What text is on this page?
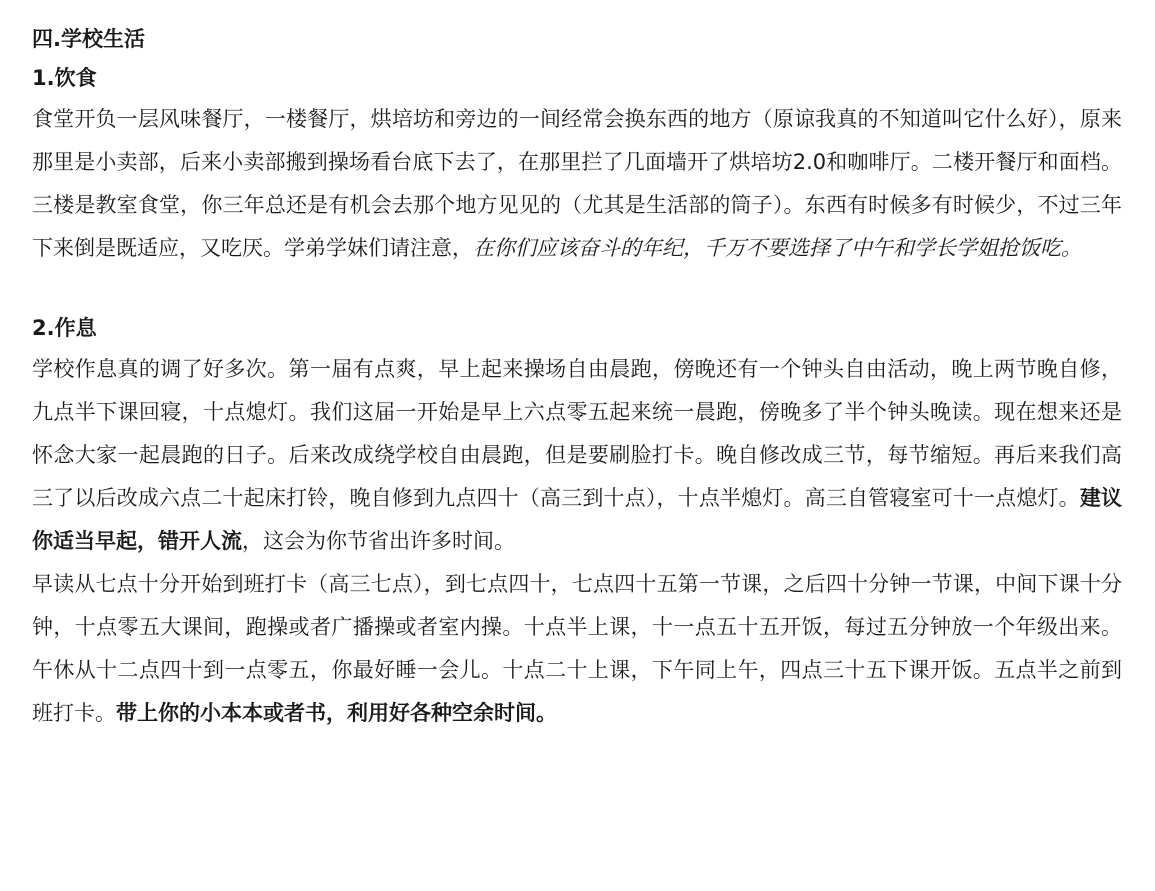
四.学校生活

1.饮食

食堂开负一层风味餐厅，一楼餐厅，烘培坊和旁边的一间经常会换东西的地方（原谅我真的不知道叫它什么好），原来那里是小卖部，后来小卖部搬到操场看台底下去了，在那里拦了几面墙开了烘培坊2.0和咖啡厅。二楼开餐厅和面档。三楼是教室食堂，你三年总还是有机会去那个地方见见的（尤其是生活部的筒子）。东西有时候多有时候少，不过三年下来倒是既适应，又吃厌。学弟学妹们请注意，在你们应该奋斗的年纪，千万不要选择了中午和学长学姐抢饭吃。

2.作息

学校作息真的调了好多次。第一届有点爽，早上起来操场自由晨跑，傍晚还有一个钟头自由活动，晚上两节晚自修，九点半下课回寝，十点熄灯。我们这届一开始是早上六点零五起来统一晨跑，傍晚多了半个钟头晚读。现在想来还是怀念大家一起晨跑的日子。后来改成绕学校自由晨跑，但是要刷脸打卡。晚自修改成三节，每节缩短。再后来我们高三了以后改成六点二十起床打铃，晚自修到九点四十（高三到十点），十点半熄灯。高三自管寝室可十一点熄灯。建议你适当早起，错开人流，这会为你节省出许多时间。

早读从七点十分开始到班打卡（高三七点），到七点四十，七点四十五第一节课，之后四十分钟一节课，中间下课十分钟，十点零五大课间，跑操或者广播操或者室内操。十点半上课，十一点五十五开饭，每过五分钟放一个年级出来。午休从十二点四十到一点零五，你最好睡一会儿。十点二十上课，下午同上午，四点三十五下课开饭。五点半之前到班打卡。带上你的小本本或者书，利用好各种空余时间。
